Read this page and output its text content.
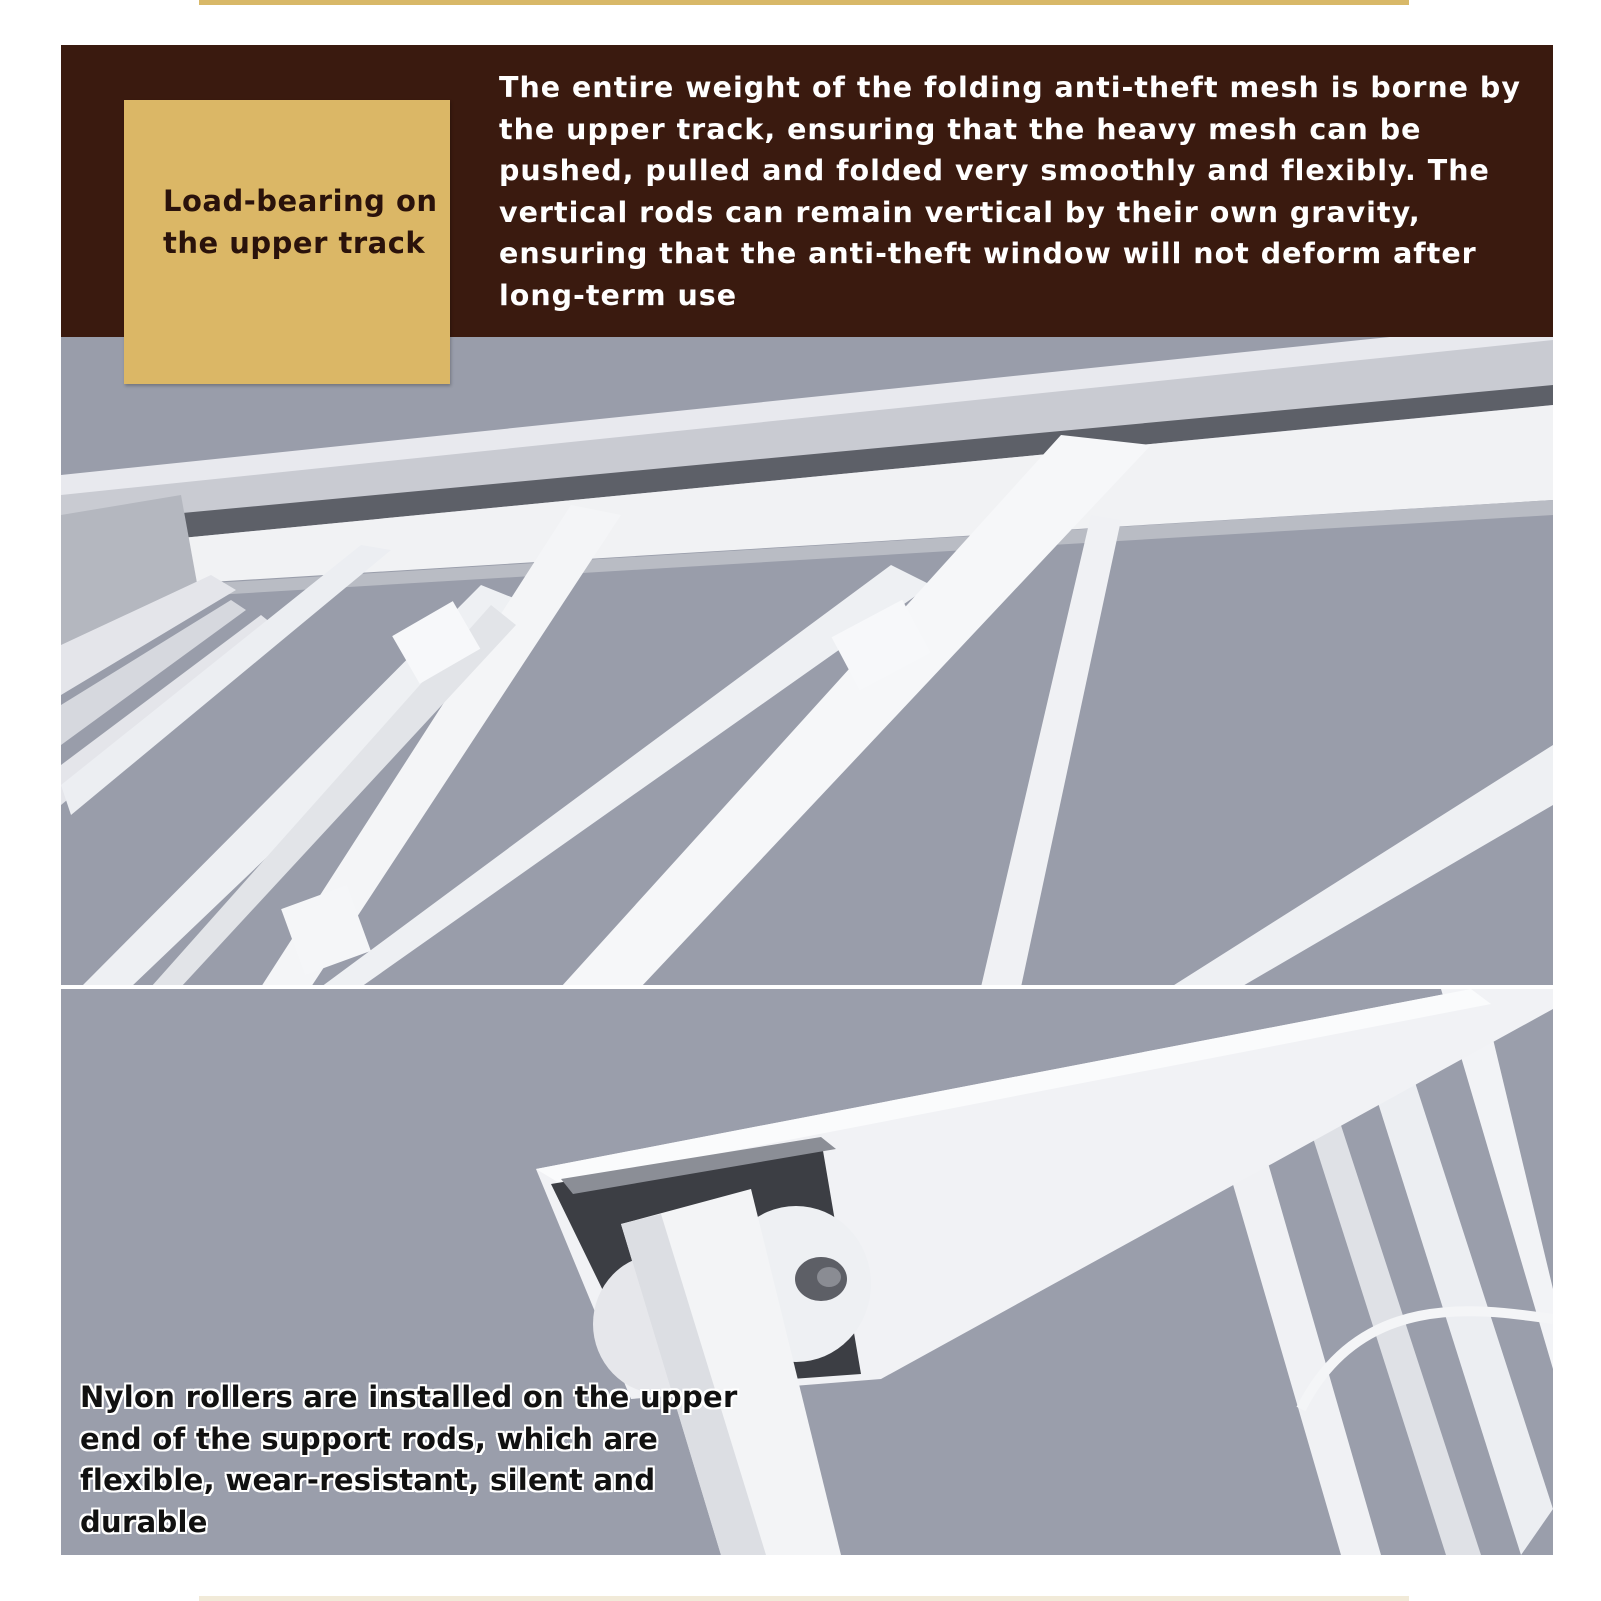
The entire weight of the folding anti-theft mesh is borne by the upper track, ensuring that the heavy mesh can be pushed, pulled and folded very smoothly and flexibly. The vertical rods can remain vertical by their own gravity, ensuring that the anti-theft window will not deform after long-term use

Load-bearing on the upper track

Nylon rollers are installed on the upper end of the support rods, which are flexible, wear-resistant, silent and durable
